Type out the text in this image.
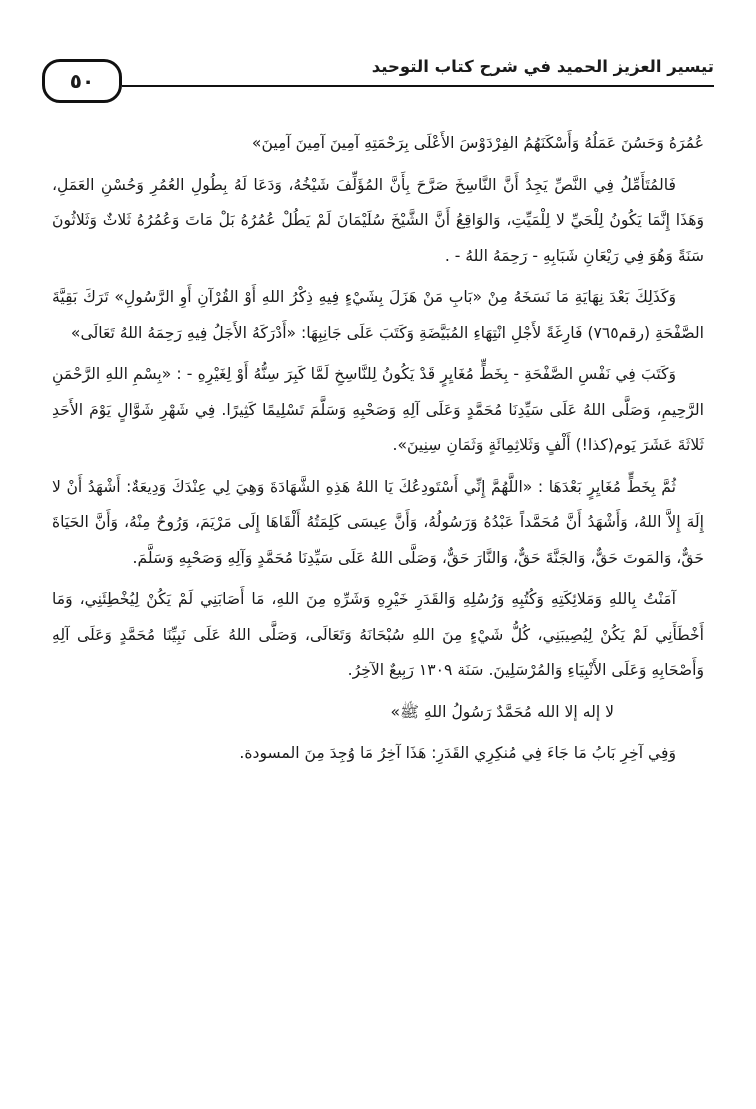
٥٠
تيسير العزيز الحميد في شرح كتاب التوحيد

عُمُرَهُ وَحَسُنَ عَمَلُهُ وَأَسْكَنَهُمُ الفِرْدَوْسَ الأَعْلَى بِرَحْمَتِهِ آمِينَ آمِينَ آمِينَ»

فَالمُتَأَمِّلُ فِي النَّصِّ يَجِدُ أَنَّ النَّاسِخَ صَرَّحَ بِأَنَّ المُؤَلِّفَ شَيْخُهُ، وَدَعَا لَهُ بِطُولِ العُمُرِ وَحُسْنِ العَمَلِ، وَهَذَا إِنَّمَا يَكُونُ لِلْحَيِّ لا لِلْمَيِّتِ، وَالوَاقِعُ أَنَّ الشَّيْخَ سُلَيْمَانَ لَمْ يَطُلْ عُمُرُهُ بَلْ مَاتَ وَعُمُرُهُ ثَلاثٌ وَثَلاثُونَ سَنَةً وَهُوَ فِي رَيْعَانِ شَبَابِهِ - رَحِمَهُ اللهُ - .

وَكَذَلِكَ بَعْدَ نِهَايَةِ مَا نَسَخَهُ مِنْ «بَابِ مَنْ هَزَلَ بِشَيْءٍ فِيهِ ذِكْرُ اللهِ أَوْ القُرْآنِ أَوِ الرَّسُولِ» تَرَكَ بَقِيَّةَ الصَّفْحَةِ (رقم٧٦٥) فَارِغَةً لأَجْلِ انْتِهَاءِ المُبَيَّضَةِ وَكَتَبَ عَلَى جَانِبِهَا: «أَدْرَكَهُ الأَجَلُ فِيهِ رَحِمَهُ اللهُ تَعَالَى»

وَكَتَبَ فِي نَفْسِ الصَّفْحَةِ - بِخَطٍّ مُغَايِرٍ قَدْ يَكُونُ لِلنَّاسِخِ لَمَّا كَبِرَ سِنُّهُ أَوْ لِغَيْرِهِ - : «بِسْمِ اللهِ الرَّحْمَنِ الرَّحِيمِ، وَصَلَّى اللهُ عَلَى سَيِّدِنَا مُحَمَّدٍ وَعَلَى آلِهِ وَصَحْبِهِ وَسَلَّمَ تَسْلِيمًا كَثِيرًا. فِي شَهْرِ شَوَّالٍ يَوْمَ الأَحَدِ ثَلاثَةَ عَشَرَ يَوم(كذا!) أَلْفٍ وَثَلاثِمِائَةٍ وَثَمَانِ سِنِينَ».

ثُمَّ بِخَطٍّ مُغَايِرٍ بَعْدَهَا : «اللَّهُمَّ إِنِّي أَسْتَودِعُكَ يَا اللهُ هَذِهِ الشَّهَادَةَ وَهِيَ لِي عِنْدَكَ وَدِيعَةٌ: أَشْهَدُ أَنْ لا إِلَهَ إِلاَّ اللهُ، وَأَشْهَدُ أَنَّ مُحَمَّداً عَبْدُهُ وَرَسُولُهُ، وَأَنَّ عِيسَى كَلِمَتُهُ أَلْقَاهَا إِلَى مَرْيَمَ، وَرُوحٌ مِنْهُ، وَأَنَّ الحَيَاةَ حَقٌّ، وَالمَوتَ حَقٌّ، وَالجَنَّةَ حَقٌّ، وَالنَّارَ حَقٌّ، وَصَلَّى اللهُ عَلَى سَيِّدِنَا مُحَمَّدٍ وَآلِهِ وَصَحْبِهِ وَسَلَّمَ.

آمَنْتُ بِاللهِ وَمَلائِكَتِهِ وَكُتُبِهِ وَرُسُلِهِ وَالقَدَرِ خَيْرِهِ وَشَرِّهِ مِنَ اللهِ، مَا أَصَابَنِي لَمْ يَكُنْ لِيُخْطِئَنِي، وَمَا أَخْطَأَنِي لَمْ يَكُنْ لِيُصِيبَنِي، كُلُّ شَيْءٍ مِنَ اللهِ سُبْحَانَهُ وَتَعَالَى، وَصَلَّى اللهُ عَلَى نَبِيِّنَا مُحَمَّدٍ وَعَلَى آلِهِ وَأَصْحَابِهِ وَعَلَى الأَنْبِيَاءِ وَالمُرْسَلِينَ. سَنَة ١٣٠٩ رَبِيعٌ الآخِرُ.

لا إله إلا الله مُحَمَّدٌ رَسُولُ اللهِ ﷺ»

وَفِي آخِرِ بَابُ مَا جَاءَ فِي مُنكِرِي القَدَرِ: هَذَا آخِرُ مَا وُجِدَ مِنَ المسودة.
